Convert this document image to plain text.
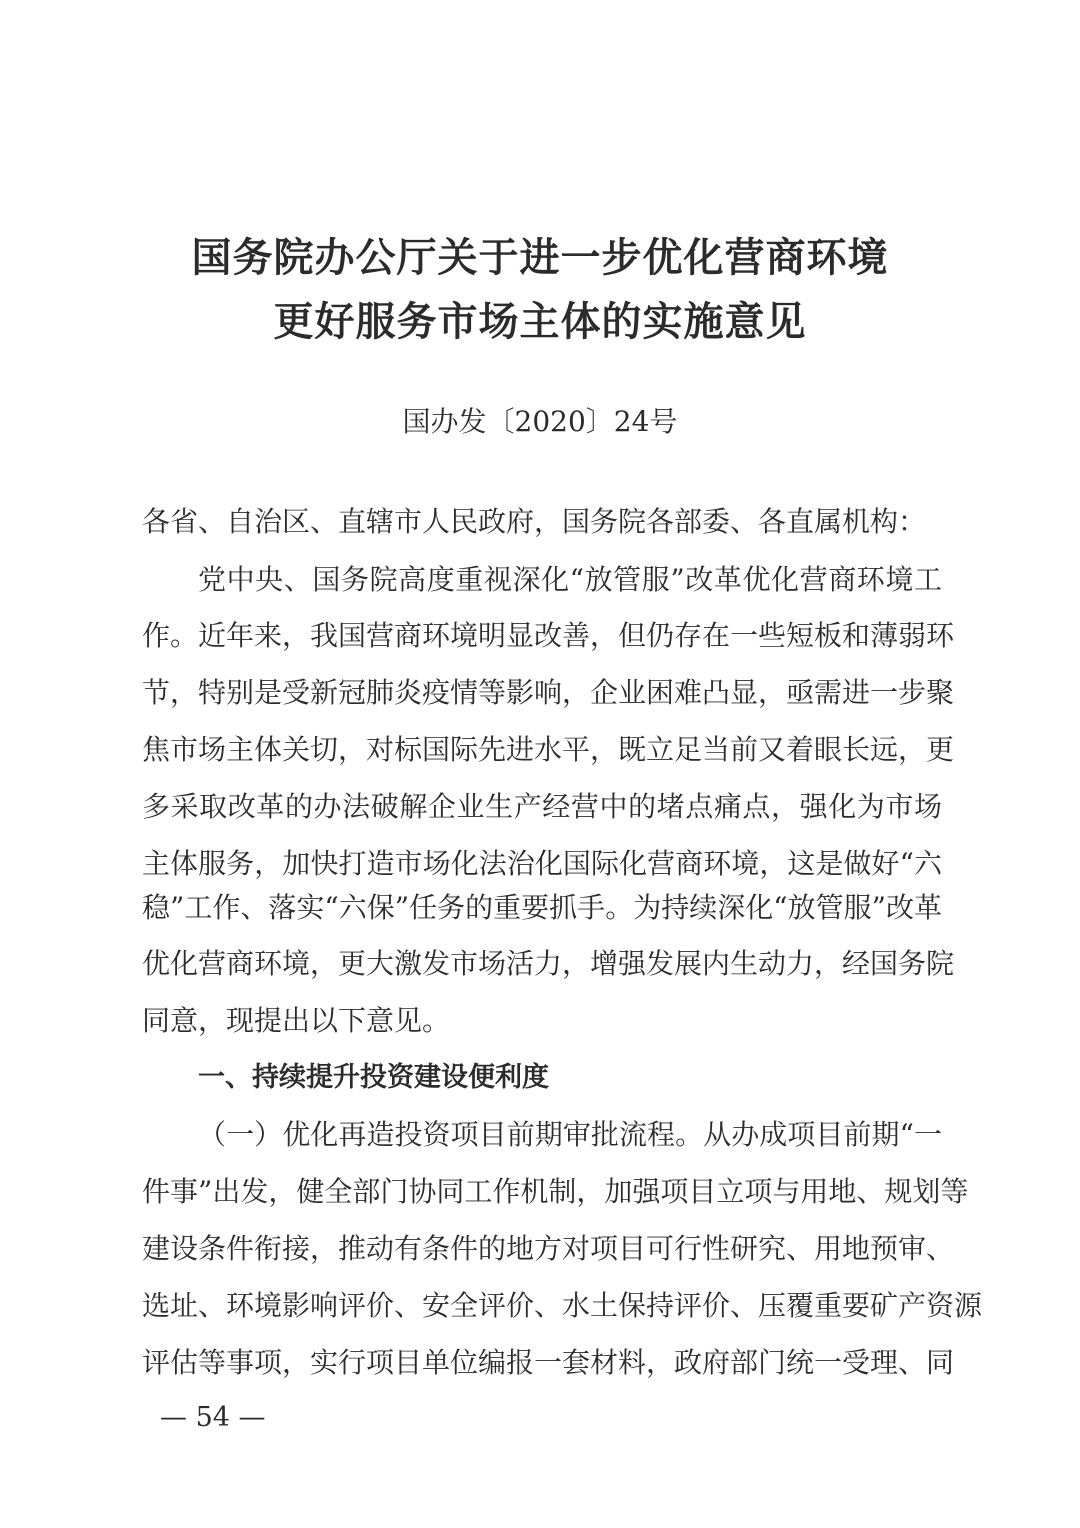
国务院办公厅关于进一步优化营商环境
更好服务市场主体的实施意见
国办发〔2020〕24号
各省、自治区、直辖市人民政府，国务院各部委、各直属机构：
党中央、国务院高度重视深化“放管服”改革优化营商环境工
作。近年来，我国营商环境明显改善，但仍存在一些短板和薄弱环
节，特别是受新冠肺炎疫情等影响，企业困难凸显，亟需进一步聚
焦市场主体关切，对标国际先进水平，既立足当前又着眼长远，更
多采取改革的办法破解企业生产经营中的堵点痛点，强化为市场
主体服务，加快打造市场化法治化国际化营商环境，这是做好“六
稳”工作、落实“六保”任务的重要抓手。为持续深化“放管服”改革
优化营商环境，更大激发市场活力，增强发展内生动力，经国务院
同意，现提出以下意见。
一、持续提升投资建设便利度
（一）优化再造投资项目前期审批流程。从办成项目前期“一
件事”出发，健全部门协同工作机制，加强项目立项与用地、规划等
建设条件衔接，推动有条件的地方对项目可行性研究、用地预审、
选址、环境影响评价、安全评价、水土保持评价、压覆重要矿产资源
评估等事项，实行项目单位编报一套材料，政府部门统一受理、同
— 54 —
